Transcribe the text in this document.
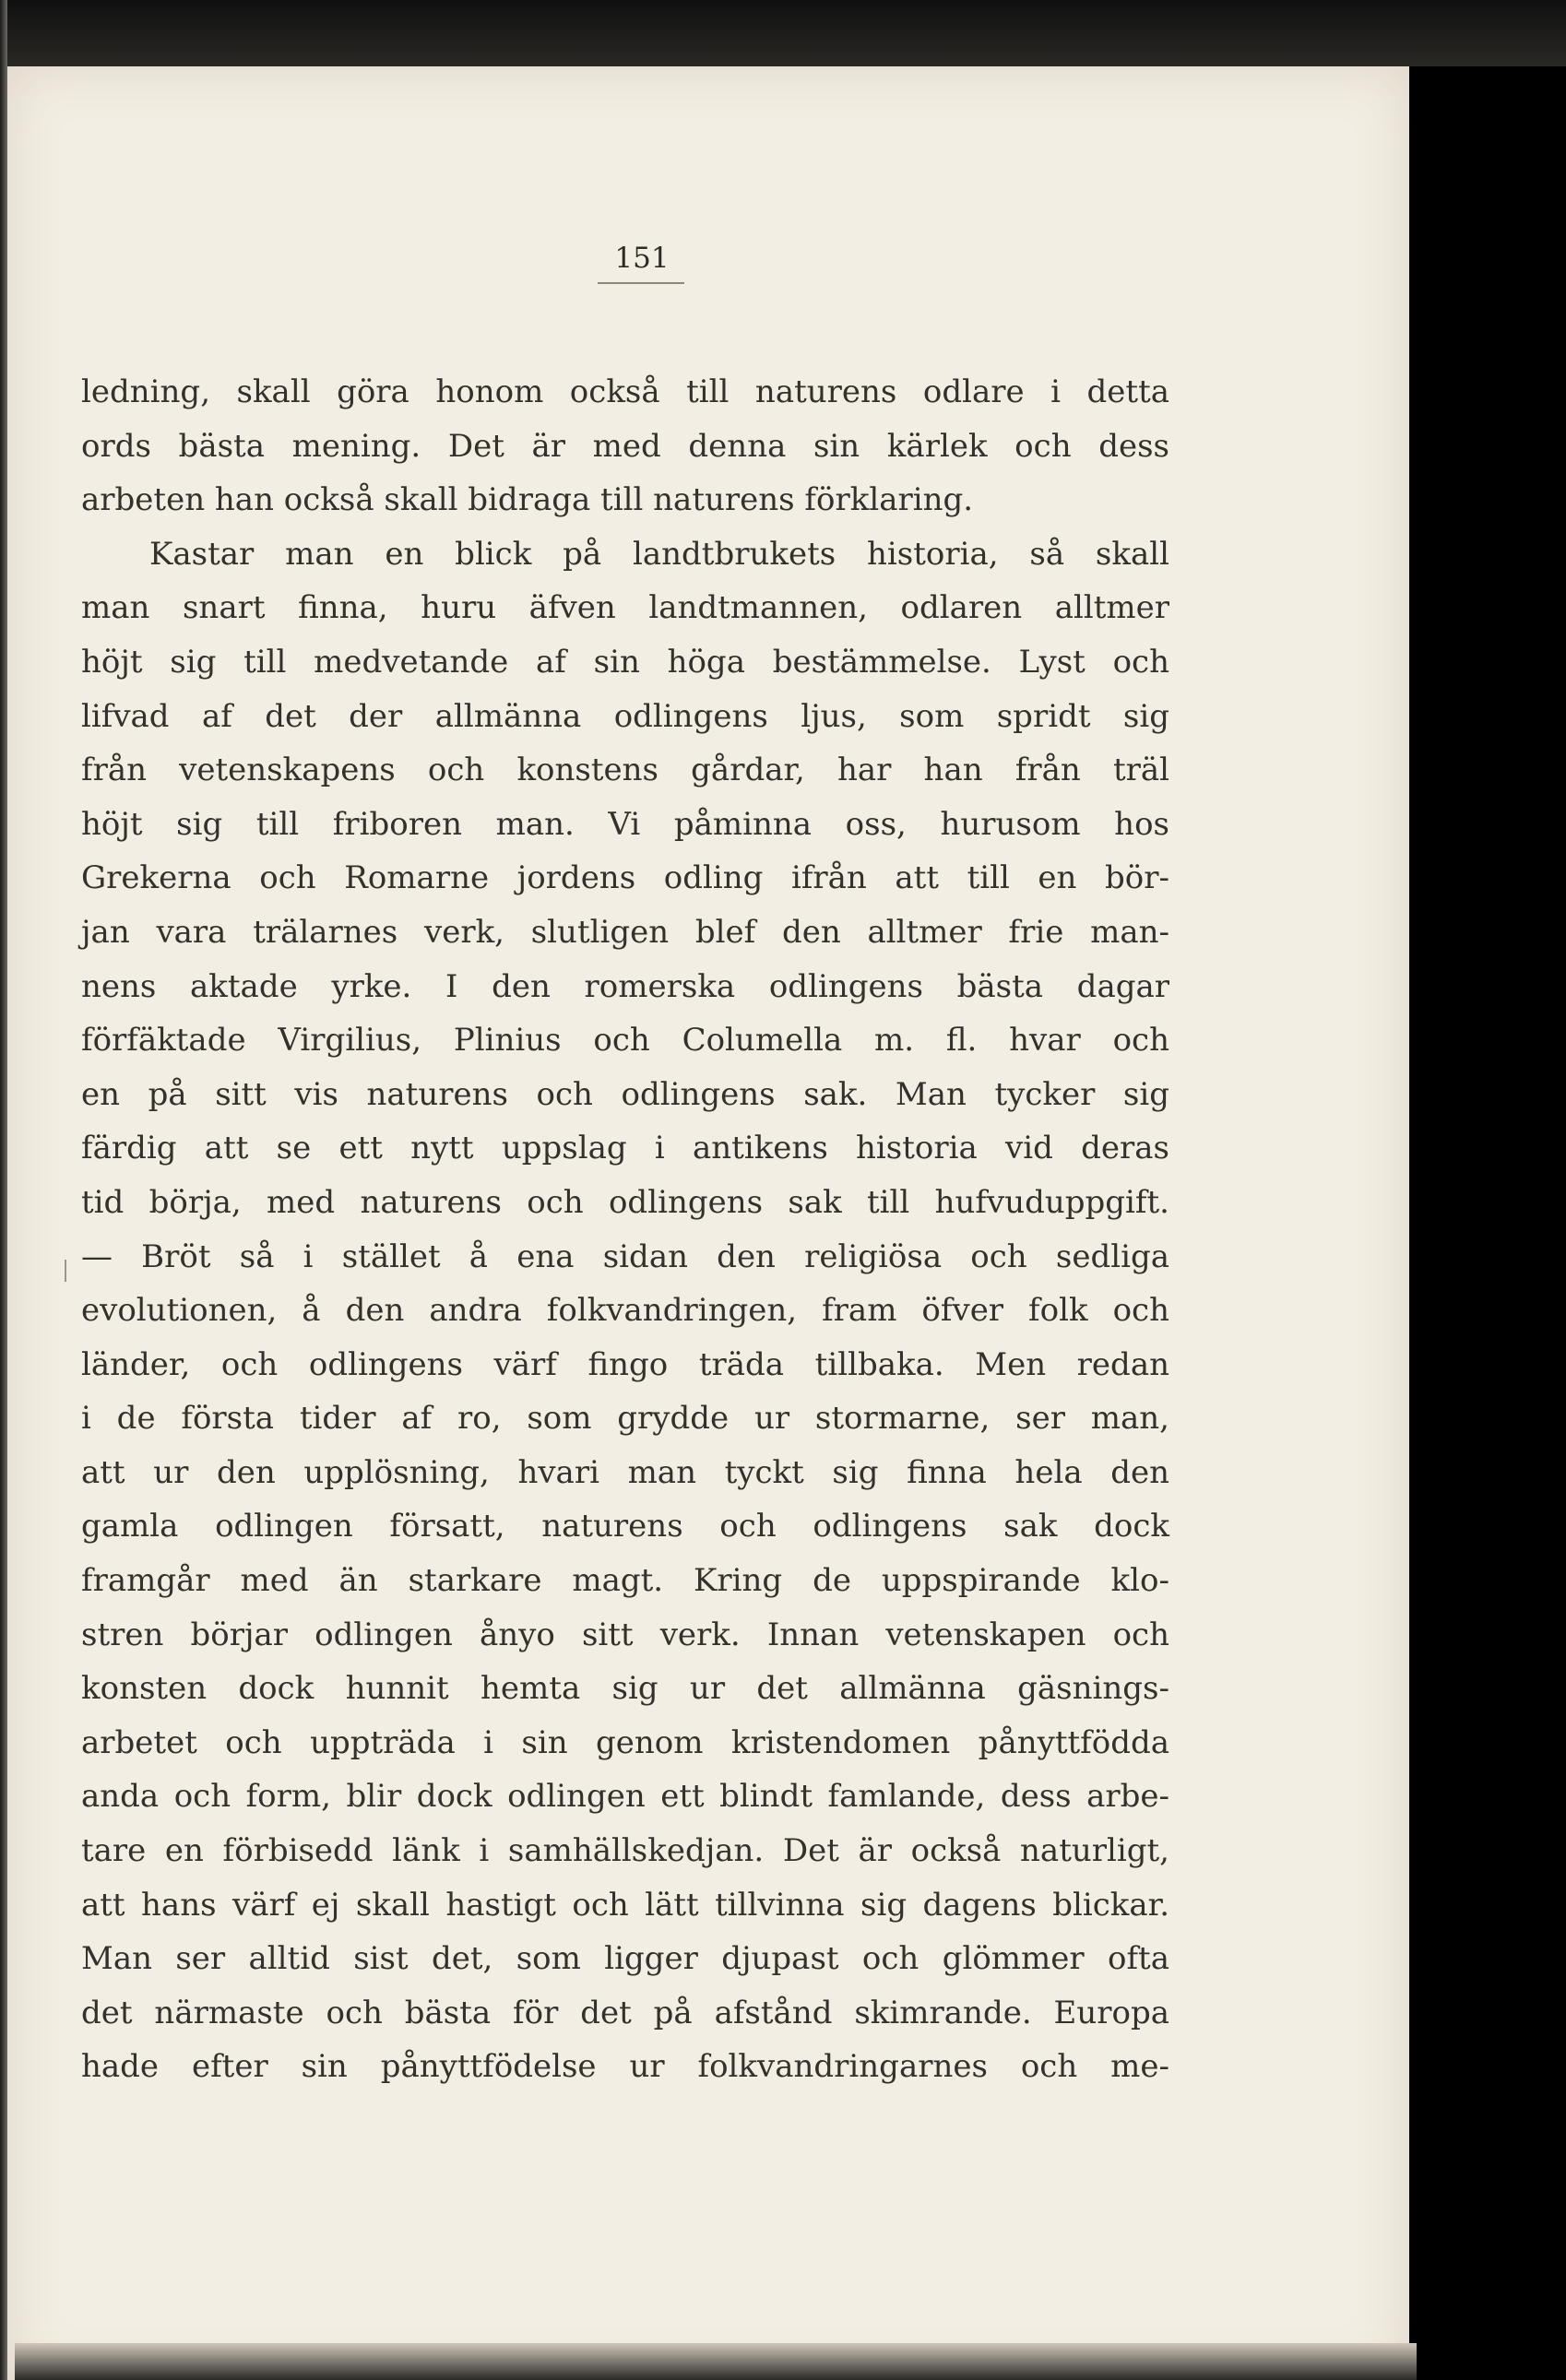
151
ledning, skall göra honom också till naturens odlare i detta
ords bästa mening. Det är med denna sin kärlek och dess
arbeten han också skall bidraga till naturens förklaring.
Kastar man en blick på landtbrukets historia, så skall
man snart finna, huru äfven landtmannen, odlaren alltmer
höjt sig till medvetande af sin höga bestämmelse. Lyst och
lifvad af det der allmänna odlingens ljus, som spridt sig
från vetenskapens och konstens gårdar, har han från träl
höjt sig till friboren man. Vi påminna oss, hurusom hos
Grekerna och Romarne jordens odling ifrån att till en bör-
jan vara trälarnes verk, slutligen blef den alltmer frie man-
nens aktade yrke. I den romerska odlingens bästa dagar
förfäktade Virgilius, Plinius och Columella m. fl. hvar och
en på sitt vis naturens och odlingens sak. Man tycker sig
färdig att se ett nytt uppslag i antikens historia vid deras
tid börja, med naturens och odlingens sak till hufvuduppgift.
— Bröt så i stället å ena sidan den religiösa och sedliga
evolutionen, å den andra folkvandringen, fram öfver folk och
länder, och odlingens värf fingo träda tillbaka. Men redan
i de första tider af ro, som grydde ur stormarne, ser man,
att ur den upplösning, hvari man tyckt sig finna hela den
gamla odlingen försatt, naturens och odlingens sak dock
framgår med än starkare magt. Kring de uppspirande klo-
stren börjar odlingen ånyo sitt verk. Innan vetenskapen och
konsten dock hunnit hemta sig ur det allmänna gäsnings-
arbetet och uppträda i sin genom kristendomen pånyttfödda
anda och form, blir dock odlingen ett blindt famlande, dess arbe-
tare en förbisedd länk i samhällskedjan. Det är också naturligt,
att hans värf ej skall hastigt och lätt tillvinna sig dagens blickar.
Man ser alltid sist det, som ligger djupast och glömmer ofta
det närmaste och bästa för det på afstånd skimrande. Europa
hade efter sin pånyttfödelse ur folkvandringarnes och me-
